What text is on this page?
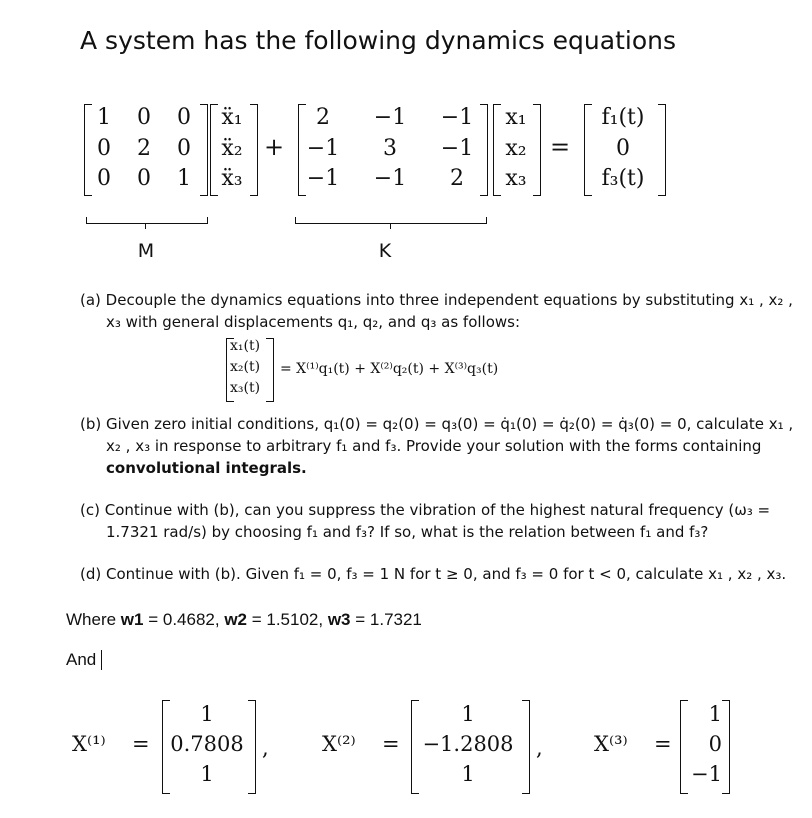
A system has the following dynamics equations
1	0	0
0	2	0
0	0	1
ẍ₁
ẍ₂
ẍ₃
+
2	−1 −1
−1	3	−1
−1 −1	2
x₁
x₂
x₃
=
f₁(t)
0
f₃(t)
M	K
(a) Decouple the dynamics equations into three independent equations by substituting x₁ , x₂ ,
x₃ with general displacements q₁, q₂, and q₃ as follows:
x₁(t)
x₂(t)
x₃(t)
= X⁽¹⁾q₁(t) + X⁽²⁾q₂(t) + X⁽³⁾q₃(t)
(b) Given zero initial conditions, q₁(0) = q₂(0) = q₃(0) = q̇₁(0) = q̇₂(0) = q̇₃(0) = 0, calculate x₁ ,
x₂ , x₃ in response to arbitrary f₁ and f₃. Provide your solution with the forms containing
convolutional integrals.
(c) Continue with (b), can you suppress the vibration of the highest natural frequency (ω₃ =
1.7321 rad/s) by choosing f₁ and f₃? If so, what is the relation between f₁ and f₃?
(d) Continue with (b). Given f₁ = 0, f₃ = 1 N for t ≥ 0, and f₃ = 0 for t < 0, calculate x₁ , x₂ , x₃.
Where w1 = 0.4682, w2 = 1.5102, w3 = 1.7321
And
X⁽¹⁾ =
1
0.7808
1
,	X⁽²⁾ =
1
−1.2808
1
, X⁽³⁾ =
1
0
−1
